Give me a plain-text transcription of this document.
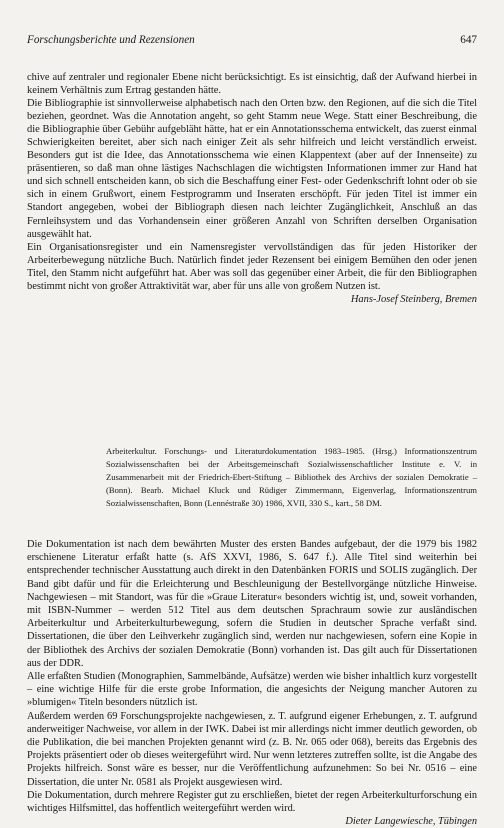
Forschungsberichte und Rezensionen	647

chive auf zentraler und regionaler Ebene nicht berücksichtigt. Es ist einsichtig, daß der Aufwand hierbei in keinem Verhältnis zum Ertrag gestanden hätte.

Die Bibliographie ist sinnvollerweise alphabetisch nach den Orten bzw. den Regionen, auf die sich die Titel beziehen, geordnet. Was die Annotation angeht, so geht Stamm neue Wege. Statt einer Beschreibung, die die Bibliographie über Gebühr aufgebläht hätte, hat er ein Annotationsschema entwickelt, das zuerst einmal Schwierigkeiten bereitet, aber sich nach einiger Zeit als sehr hilfreich und leicht verständlich erweist. Besonders gut ist die Idee, das Annotationsschema wie einen Klappentext (aber auf der Innenseite) zu präsentieren, so daß man ohne lästiges Nachschlagen die wichtigsten Informationen immer zur Hand hat und sich schnell entscheiden kann, ob sich die Beschaffung einer Fest- oder Gedenkschrift lohnt oder ob sie sich in einem Grußwort, einem Festprogramm und Inseraten erschöpft. Für jeden Titel ist immer ein Standort angegeben, wobei der Bibliograph diesen nach leichter Zugänglichkeit, Anschluß an das Fernleihsystem und das Vorhandensein einer größeren Anzahl von Schriften derselben Organisation ausgewählt hat.

Ein Organisationsregister und ein Namensregister vervollständigen das für jeden Historiker der Arbeiterbewegung nützliche Buch. Natürlich findet jeder Rezensent bei einigem Bemühen den oder jenen Titel, den Stamm nicht aufgeführt hat. Aber was soll das gegenüber einer Arbeit, die für den Bibliographen bestimmt nicht von großer Attraktivität war, aber für uns alle von großem Nutzen ist.

Hans-Josef Steinberg, Bremen

Arbeiterkultur. Forschungs- und Literaturdokumentation 1983–1985. (Hrsg.) Informationszentrum Sozialwissenschaften bei der Arbeitsgemeinschaft Sozialwissenschaftlicher Institute e. V. in Zusammenarbeit mit der Friedrich-Ebert-Stiftung – Bibliothek des Archivs der sozialen Demokratie – (Bonn). Bearb. Michael Kluck und Rüdiger Zimmermann, Eigenverlag, Informationszentrum Sozialwissenschaften, Bonn (Lennéstraße 30) 1986, XVII, 330 S., kart., 58 DM.

Die Dokumentation ist nach dem bewährten Muster des ersten Bandes aufgebaut, der die 1979 bis 1982 erschienene Literatur erfaßt hatte (s. AfS XXVI, 1986, S. 647 f.). Alle Titel sind weiterhin bei entsprechender technischer Ausstattung auch direkt in den Datenbänken FORIS und SOLIS zugänglich. Der Band gibt dafür und für die Erleichterung und Beschleunigung der Bestellvorgänge nützliche Hinweise. Nachgewiesen – mit Standort, was für die »Graue Literatur« besonders wichtig ist, und, soweit vorhanden, mit ISBN-Nummer – werden 512 Titel aus dem deutschen Sprachraum sowie zur ausländischen Arbeiterkultur und Arbeiterkulturbewegung, sofern die Studien in deutscher Sprache verfaßt sind. Dissertationen, die über den Leihverkehr zugänglich sind, werden nur nachgewiesen, sofern eine Kopie in der Bibliothek des Archivs der sozialen Demokratie (Bonn) vorhanden ist. Das gilt auch für Dissertationen aus der DDR.

Alle erfaßten Studien (Monographien, Sammelbände, Aufsätze) werden wie bisher inhaltlich kurz vorgestellt – eine wichtige Hilfe für die erste grobe Information, die angesichts der Neigung mancher Autoren zu »blumigen« Titeln besonders nützlich ist.

Außerdem werden 69 Forschungsprojekte nachgewiesen, z. T. aufgrund eigener Erhebungen, z. T. aufgrund anderweitiger Nachweise, vor allem in der IWK. Dabei ist mir allerdings nicht immer deutlich geworden, ob die Publikation, die bei manchen Projekten genannt wird (z. B. Nr. 065 oder 068), bereits das Ergebnis des Projekts präsentiert oder ob dieses weitergeführt wird. Nur wenn letzteres zutreffen sollte, ist die Angabe des Projekts hilfreich. Sonst wäre es besser, nur die Veröffentlichung aufzunehmen: So bei Nr. 0516 – eine Dissertation, die unter Nr. 0581 als Projekt ausgewiesen wird.

Die Dokumentation, durch mehrere Register gut zu erschließen, bietet der regen Arbeiterkulturforschung ein wichtiges Hilfsmittel, das hoffentlich weitergeführt werden wird.

Dieter Langewiesche, Tübingen
